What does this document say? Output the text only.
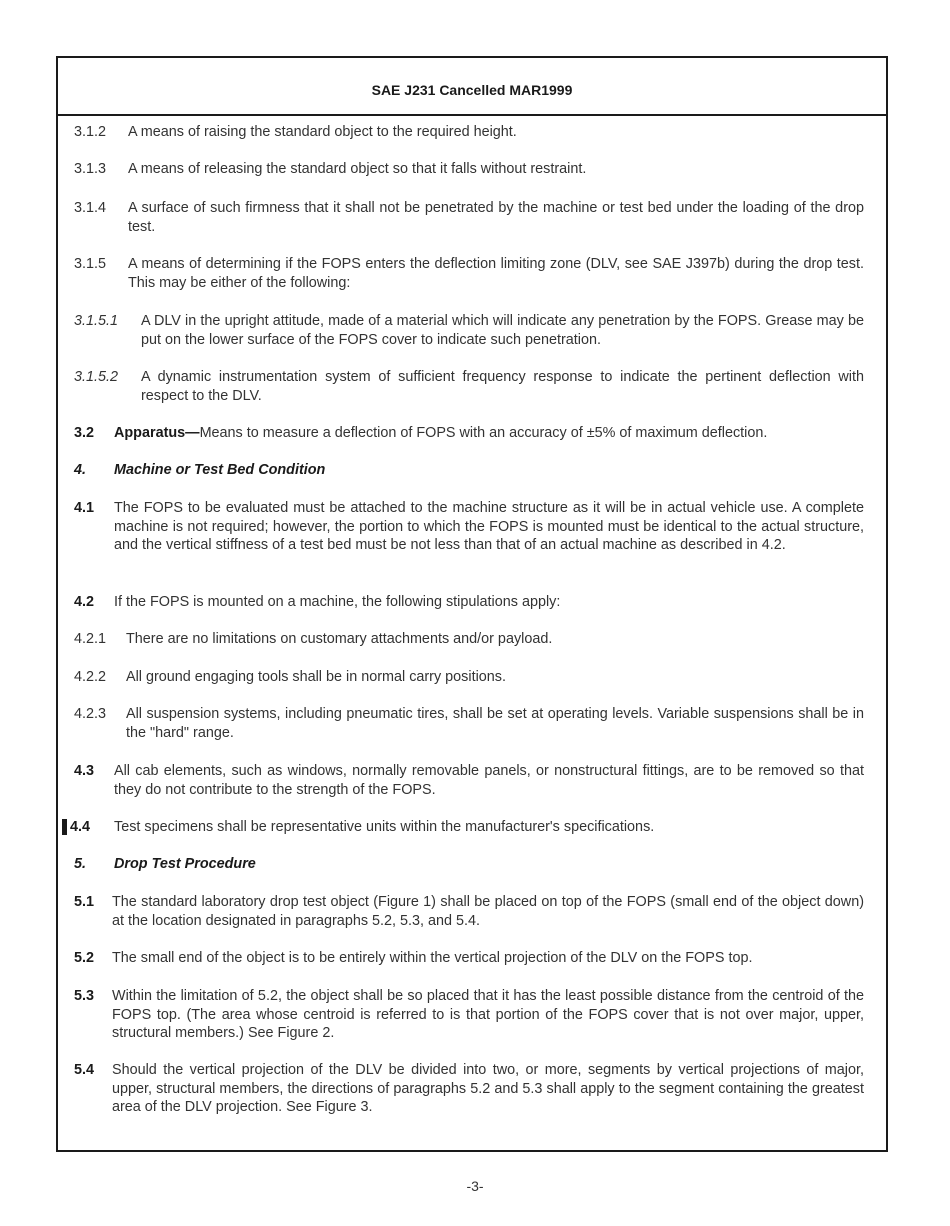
SAE J231 Cancelled MAR1999
3.1.2 A means of raising the standard object to the required height.
3.1.3 A means of releasing the standard object so that it falls without restraint.
3.1.4 A surface of such firmness that it shall not be penetrated by the machine or test bed under the loading of the drop test.
3.1.5 A means of determining if the FOPS enters the deflection limiting zone (DLV, see SAE J397b) during the drop test. This may be either of the following:
3.1.5.1 A DLV in the upright attitude, made of a material which will indicate any penetration by the FOPS. Grease may be put on the lower surface of the FOPS cover to indicate such penetration.
3.1.5.2 A dynamic instrumentation system of sufficient frequency response to indicate the pertinent deflection with respect to the DLV.
3.2 Apparatus—Means to measure a deflection of FOPS with an accuracy of ±5% of maximum deflection.
4. Machine or Test Bed Condition
4.1 The FOPS to be evaluated must be attached to the machine structure as it will be in actual vehicle use. A complete machine is not required; however, the portion to which the FOPS is mounted must be identical to the actual structure, and the vertical stiffness of a test bed must be not less than that of an actual machine as described in 4.2.
4.2 If the FOPS is mounted on a machine, the following stipulations apply:
4.2.1 There are no limitations on customary attachments and/or payload.
4.2.2 All ground engaging tools shall be in normal carry positions.
4.2.3 All suspension systems, including pneumatic tires, shall be set at operating levels. Variable suspensions shall be in the "hard" range.
4.3 All cab elements, such as windows, normally removable panels, or nonstructural fittings, are to be removed so that they do not contribute to the strength of the FOPS.
4.4 Test specimens shall be representative units within the manufacturer's specifications.
5. Drop Test Procedure
5.1 The standard laboratory drop test object (Figure 1) shall be placed on top of the FOPS (small end of the object down) at the location designated in paragraphs 5.2, 5.3, and 5.4.
5.2 The small end of the object is to be entirely within the vertical projection of the DLV on the FOPS top.
5.3 Within the limitation of 5.2, the object shall be so placed that it has the least possible distance from the centroid of the FOPS top. (The area whose centroid is referred to is that portion of the FOPS cover that is not over major, upper, structural members.) See Figure 2.
5.4 Should the vertical projection of the DLV be divided into two, or more, segments by vertical projections of major, upper, structural members, the directions of paragraphs 5.2 and 5.3 shall apply to the segment containing the greatest area of the DLV projection. See Figure 3.
-3-
